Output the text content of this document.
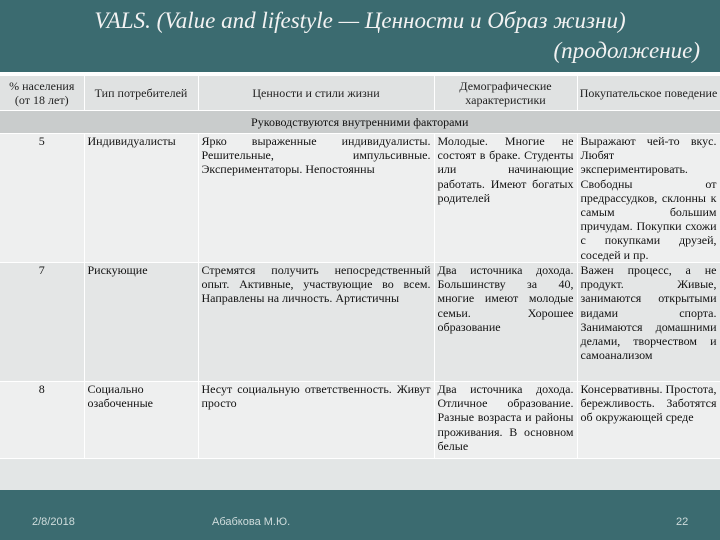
VALS. (Value and lifestyle — Ценности и Образ жизни)
(продолжение)
% населения (от 18 лет)	Тип потребителей	Ценности и стили жизни	Демографические характеристики	Покупательское поведение
Руководствуются внутренними факторами				
5	Индивидуалисты	Ярко выраженные индивидуалисты. Решительные, импульсивные. Экспериментаторы. Непостоянны	Молодые. Многие не состоят в браке. Студенты или начинающие работать. Имеют богатых родителей	Выражают чей-то вкус. Любят экспериментировать. Свободны от предрассудков, склонны к самым большим причудам. Покупки схожи с покупками друзей, соседей и пр.
7	Рискующие	Стремятся получить непосредственный опыт. Активные, участвующие во всем. Направлены на личность. Артистичны	Два источника дохода. Большинству за 40, многие имеют молодые семьи. Хорошее образование	Важен процесс, а не продукт. Живые, занимаются открытыми видами спорта. Занимаются домашними делами, творчеством и самоанализом
8	Социально озабоченные	Несут социальную ответственность. Живут просто	Два источника дохода. Отличное образование. Разные возраста и районы проживания. В основном белые	Консервативны. Простота, бережливость. Заботятся об окружающей среде
2/8/2018	Абабкова М.Ю.	22
